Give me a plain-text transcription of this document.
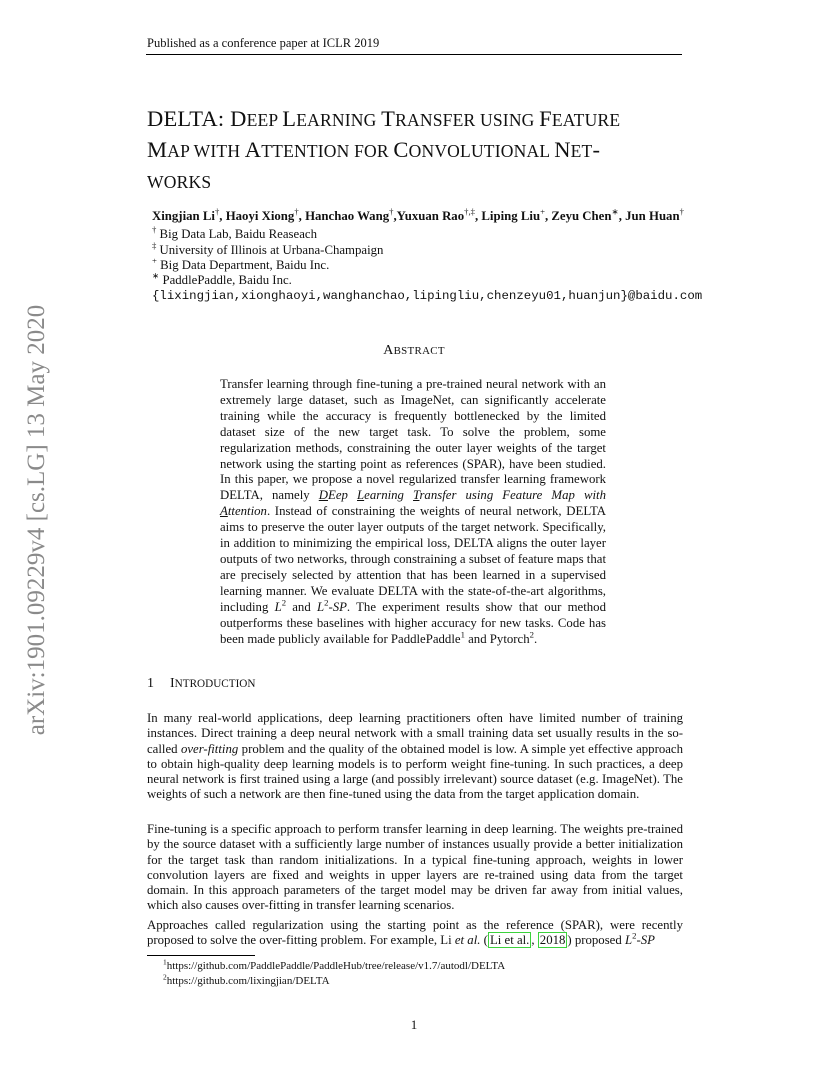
Published as a conference paper at ICLR 2019
arXiv:1901.09229v4 [cs.LG] 13 May 2020
DELTA: DEEP LEARNING TRANSFER USING FEATURE
MAP WITH ATTENTION FOR CONVOLUTIONAL NET-
WORKS
Xingjian Li†, Haoyi Xiong†, Hanchao Wang†,Yuxuan Rao†,‡, Liping Liu+, Zeyu Chen∗, Jun Huan†
† Big Data Lab, Baidu Reaseach
‡ University of Illinois at Urbana-Champaign
+ Big Data Department, Baidu Inc.
∗ PaddlePaddle, Baidu Inc.
{lixingjian,xionghaoyi,wanghanchao,lipingliu,chenzeyu01,huanjun}@baidu.com
ABSTRACT
Transfer learning through fine-tuning a pre-trained neural network with an extremely large dataset, such as ImageNet, can significantly accelerate training while the accuracy is frequently bottlenecked by the limited dataset size of the new target task. To solve the problem, some regularization methods, constraining the outer layer weights of the target network using the starting point as references (SPAR), have been studied. In this paper, we propose a novel regularized transfer learning framework DELTA, namely DEep Learning Transfer using Feature Map with Attention. Instead of constraining the weights of neural network, DELTA aims to preserve the outer layer outputs of the target network. Specifically, in addition to minimizing the empirical loss, DELTA aligns the outer layer outputs of two networks, through constraining a subset of feature maps that are precisely selected by attention that has been learned in a supervised learning manner. We evaluate DELTA with the state-of-the-art algorithms, including $L^2$ and $L^2-SP$. The experiment results show that our method outperforms these baselines with higher accuracy for new tasks. Code has been made publicly available for PaddlePaddle$^1$ and Pytorch$^2$.
1 INTRODUCTION
In many real-world applications, deep learning practitioners often have limited number of training instances. Direct training a deep neural network with a small training data set usually results in the so-called over-fitting problem and the quality of the obtained model is low. A simple yet effective approach to obtain high-quality deep learning models is to perform weight fine-tuning. In such practices, a deep neural network is first trained using a large (and possibly irrelevant) source dataset (e.g. ImageNet). The weights of such a network are then fine-tuned using the data from the target application domain.
Fine-tuning is a specific approach to perform transfer learning in deep learning. The weights pre-trained by the source dataset with a sufficiently large number of instances usually provide a better initialization for the target task than random initializations. In a typical fine-tuning approach, weights in lower convolution layers are fixed and weights in upper layers are re-trained using data from the target domain. In this approach parameters of the target model may be driven far away from initial values, which also causes over-fitting in transfer learning scenarios.
Approaches called regularization using the starting point as the reference (SPAR), were recently proposed to solve the over-fitting problem. For example, Li et al. ( Li et al. , 2018 ) proposed $L^2-SP$
$^1$https://github.com/PaddlePaddle/PaddleHub/tree/release/v1.7/autodl/DELTA
$^2$https://github.com/lixingjian/DELTA
1
